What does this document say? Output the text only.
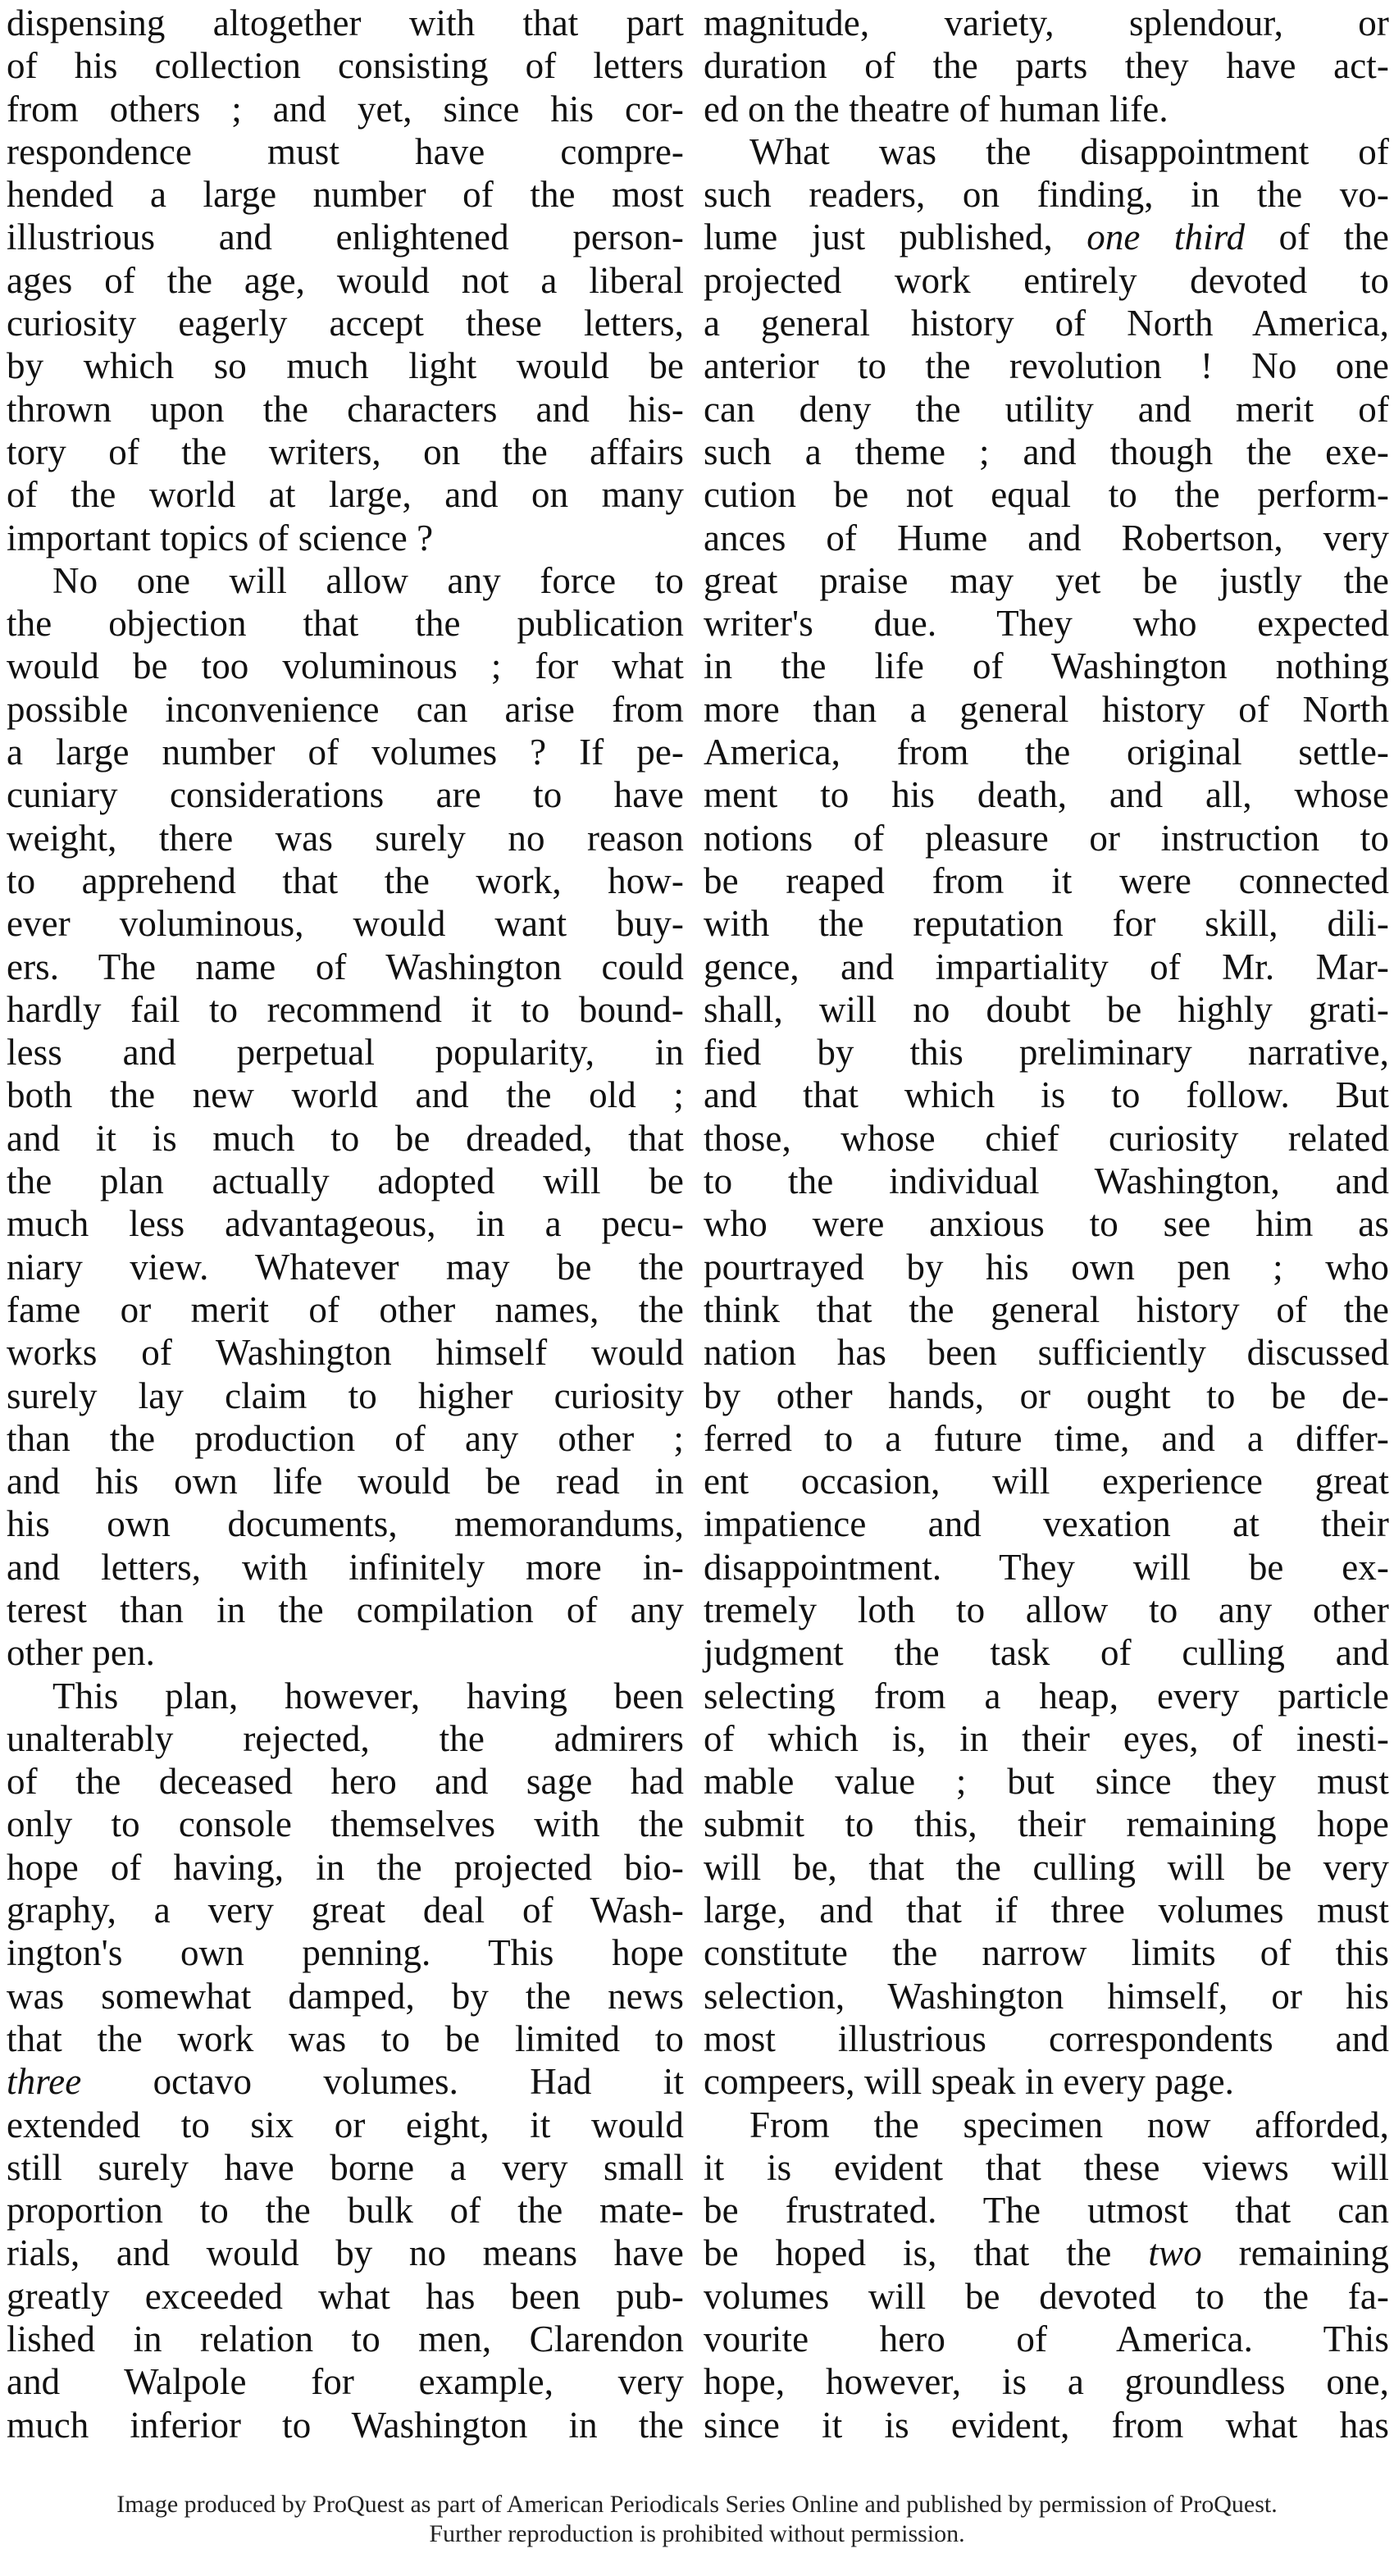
dispensing altogether with that part
of his collection consisting of letters
from others ; and yet, since his cor-
respondence must have compre-
hended a large number of the most
illustrious and enlightened person-
ages of the age, would not a liberal
curiosity eagerly accept these letters,
by which so much light would be
thrown upon the characters and his-
tory of the writers, on the affairs
of the world at large, and on many
important topics of science ?
No one will allow any force to
the objection that the publication
would be too voluminous ; for what
possible inconvenience can arise from
a large number of volumes ? If pe-
cuniary considerations are to have
weight, there was surely no reason
to apprehend that the work, how-
ever voluminous, would want buy-
ers. The name of Washington could
hardly fail to recommend it to bound-
less and perpetual popularity, in
both the new world and the old ;
and it is much to be dreaded, that
the plan actually adopted will be
much less advantageous, in a pecu-
niary view. Whatever may be the
fame or merit of other names, the
works of Washington himself would
surely lay claim to higher curiosity
than the production of any other ;
and his own life would be read in
his own documents, memorandums,
and letters, with infinitely more in-
terest than in the compilation of any
other pen.
This plan, however, having been
unalterably rejected, the admirers
of the deceased hero and sage had
only to console themselves with the
hope of having, in the projected bio-
graphy, a very great deal of Wash-
ington's own penning. This hope
was somewhat damped, by the news
that the work was to be limited to
three octavo volumes. Had it
extended to six or eight, it would
still surely have borne a very small
proportion to the bulk of the mate-
rials, and would by no means have
greatly exceeded what has been pub-
lished in relation to men, Clarendon
and Walpole for example, very
much inferior to Washington in the
magnitude, variety, splendour, or
duration of the parts they have act-
ed on the theatre of human life.
What was the disappointment of
such readers, on finding, in the vo-
lume just published, one third of the
projected work entirely devoted to
a general history of North America,
anterior to the revolution ! No one
can deny the utility and merit of
such a theme ; and though the exe-
cution be not equal to the perform-
ances of Hume and Robertson, very
great praise may yet be justly the
writer's due. They who expected
in the life of Washington nothing
more than a general history of North
America, from the original settle-
ment to his death, and all, whose
notions of pleasure or instruction to
be reaped from it were connected
with the reputation for skill, dili-
gence, and impartiality of Mr. Mar-
shall, will no doubt be highly grati-
fied by this preliminary narrative,
and that which is to follow. But
those, whose chief curiosity related
to the individual Washington, and
who were anxious to see him as
pourtrayed by his own pen ; who
think that the general history of the
nation has been sufficiently discussed
by other hands, or ought to be de-
ferred to a future time, and a differ-
ent occasion, will experience great
impatience and vexation at their
disappointment. They will be ex-
tremely loth to allow to any other
judgment the task of culling and
selecting from a heap, every particle
of which is, in their eyes, of inesti-
mable value ; but since they must
submit to this, their remaining hope
will be, that the culling will be very
large, and that if three volumes must
constitute the narrow limits of this
selection, Washington himself, or his
most illustrious correspondents and
compeers, will speak in every page.
From the specimen now afforded,
it is evident that these views will
be frustrated. The utmost that can
be hoped is, that the two remaining
volumes will be devoted to the fa-
vourite hero of America. This
hope, however, is a groundless one,
since it is evident, from what has
Image produced by ProQuest as part of American Periodicals Series Online and published by permission of ProQuest.
Further reproduction is prohibited without permission.
